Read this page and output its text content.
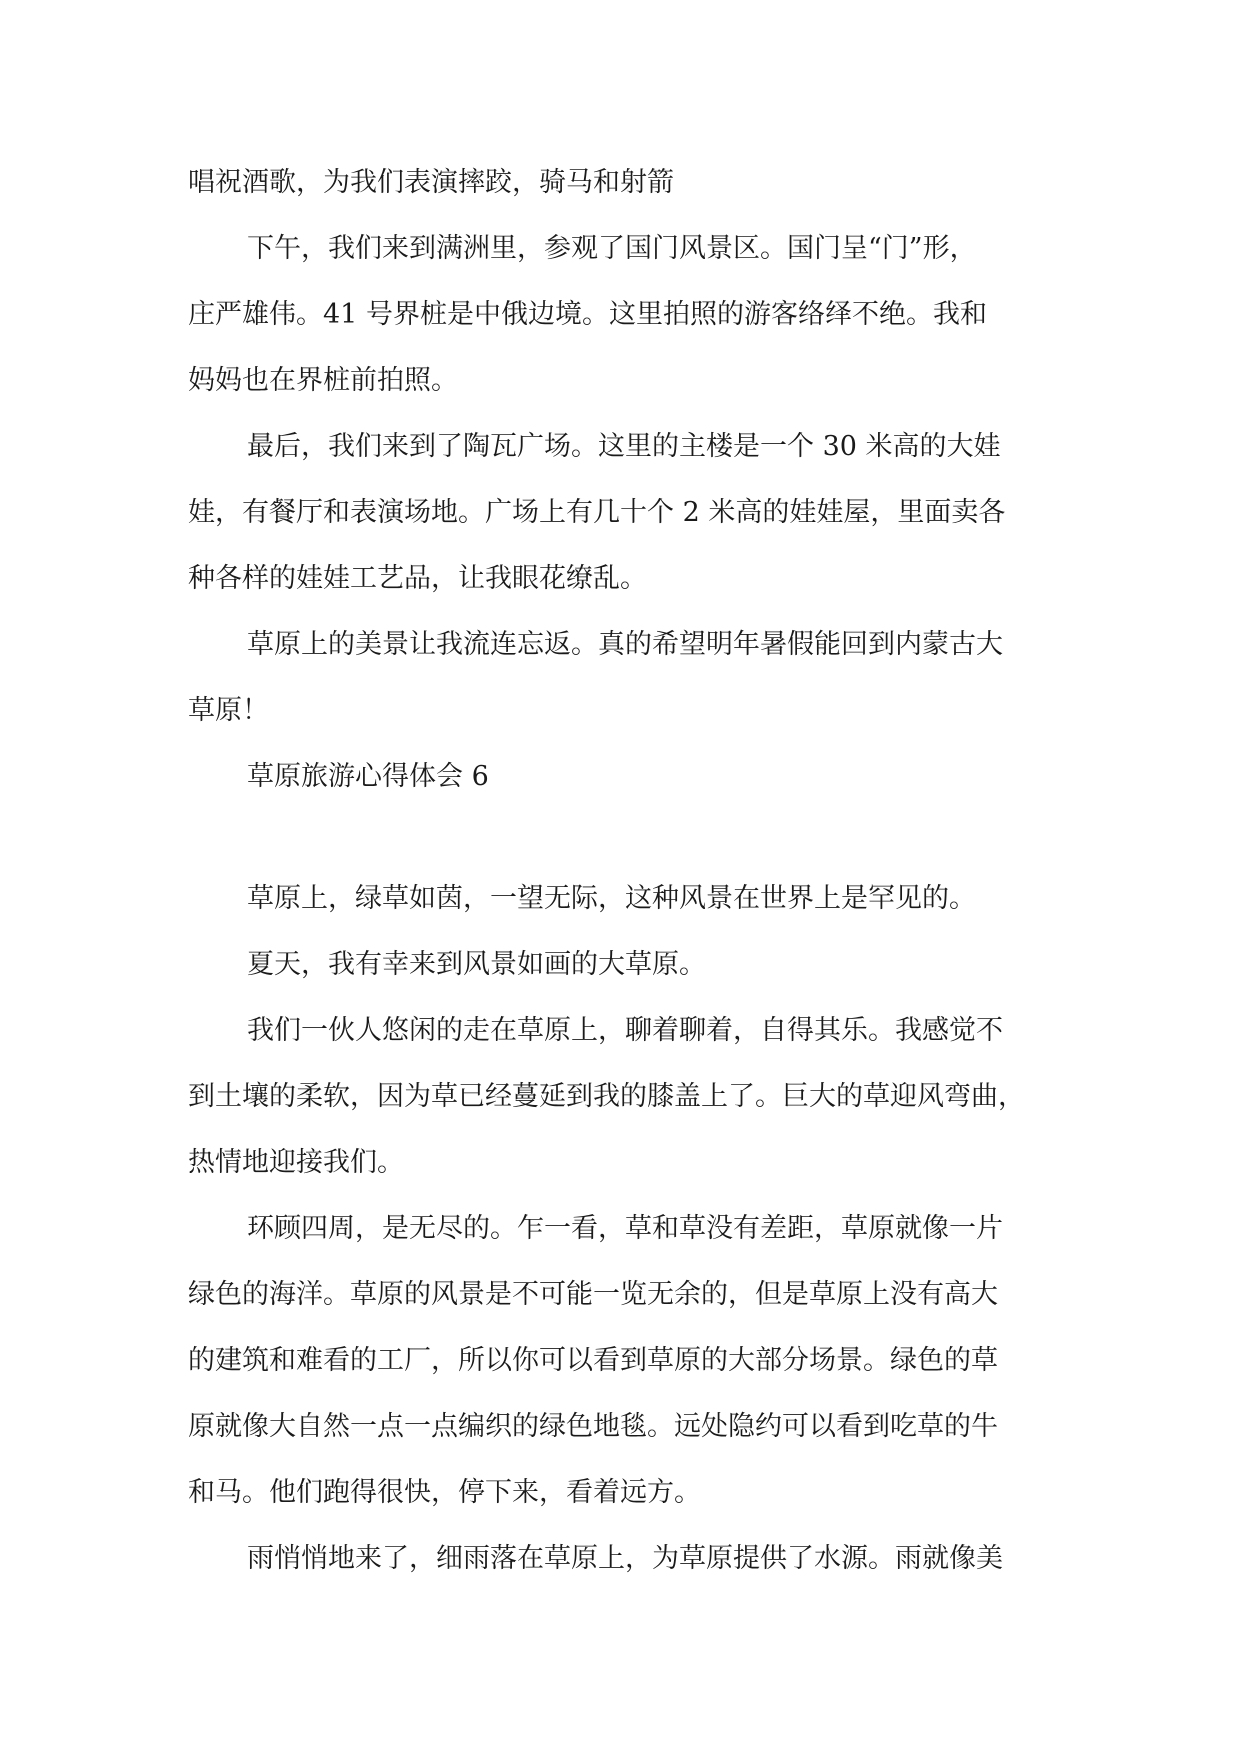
唱祝酒歌，为我们表演摔跤，骑马和射箭
下午，我们来到满洲里，参观了国门风景区。国门呈“门”形，
庄严雄伟。41 号界桩是中俄边境。这里拍照的游客络绎不绝。我和
妈妈也在界桩前拍照。
最后，我们来到了陶瓦广场。这里的主楼是一个 30 米高的大娃
娃，有餐厅和表演场地。广场上有几十个 2 米高的娃娃屋，里面卖各
种各样的娃娃工艺品，让我眼花缭乱。
草原上的美景让我流连忘返。真的希望明年暑假能回到内蒙古大
草原！
草原旅游心得体会 6
草原上，绿草如茵，一望无际，这种风景在世界上是罕见的。
夏天，我有幸来到风景如画的大草原。
我们一伙人悠闲的走在草原上，聊着聊着，自得其乐。我感觉不
到土壤的柔软，因为草已经蔓延到我的膝盖上了。巨大的草迎风弯曲，
热情地迎接我们。
环顾四周，是无尽的。乍一看，草和草没有差距，草原就像一片
绿色的海洋。草原的风景是不可能一览无余的，但是草原上没有高大
的建筑和难看的工厂，所以你可以看到草原的大部分场景。绿色的草
原就像大自然一点一点编织的绿色地毯。远处隐约可以看到吃草的牛
和马。他们跑得很快，停下来，看着远方。
雨悄悄地来了，细雨落在草原上，为草原提供了水源。雨就像美
